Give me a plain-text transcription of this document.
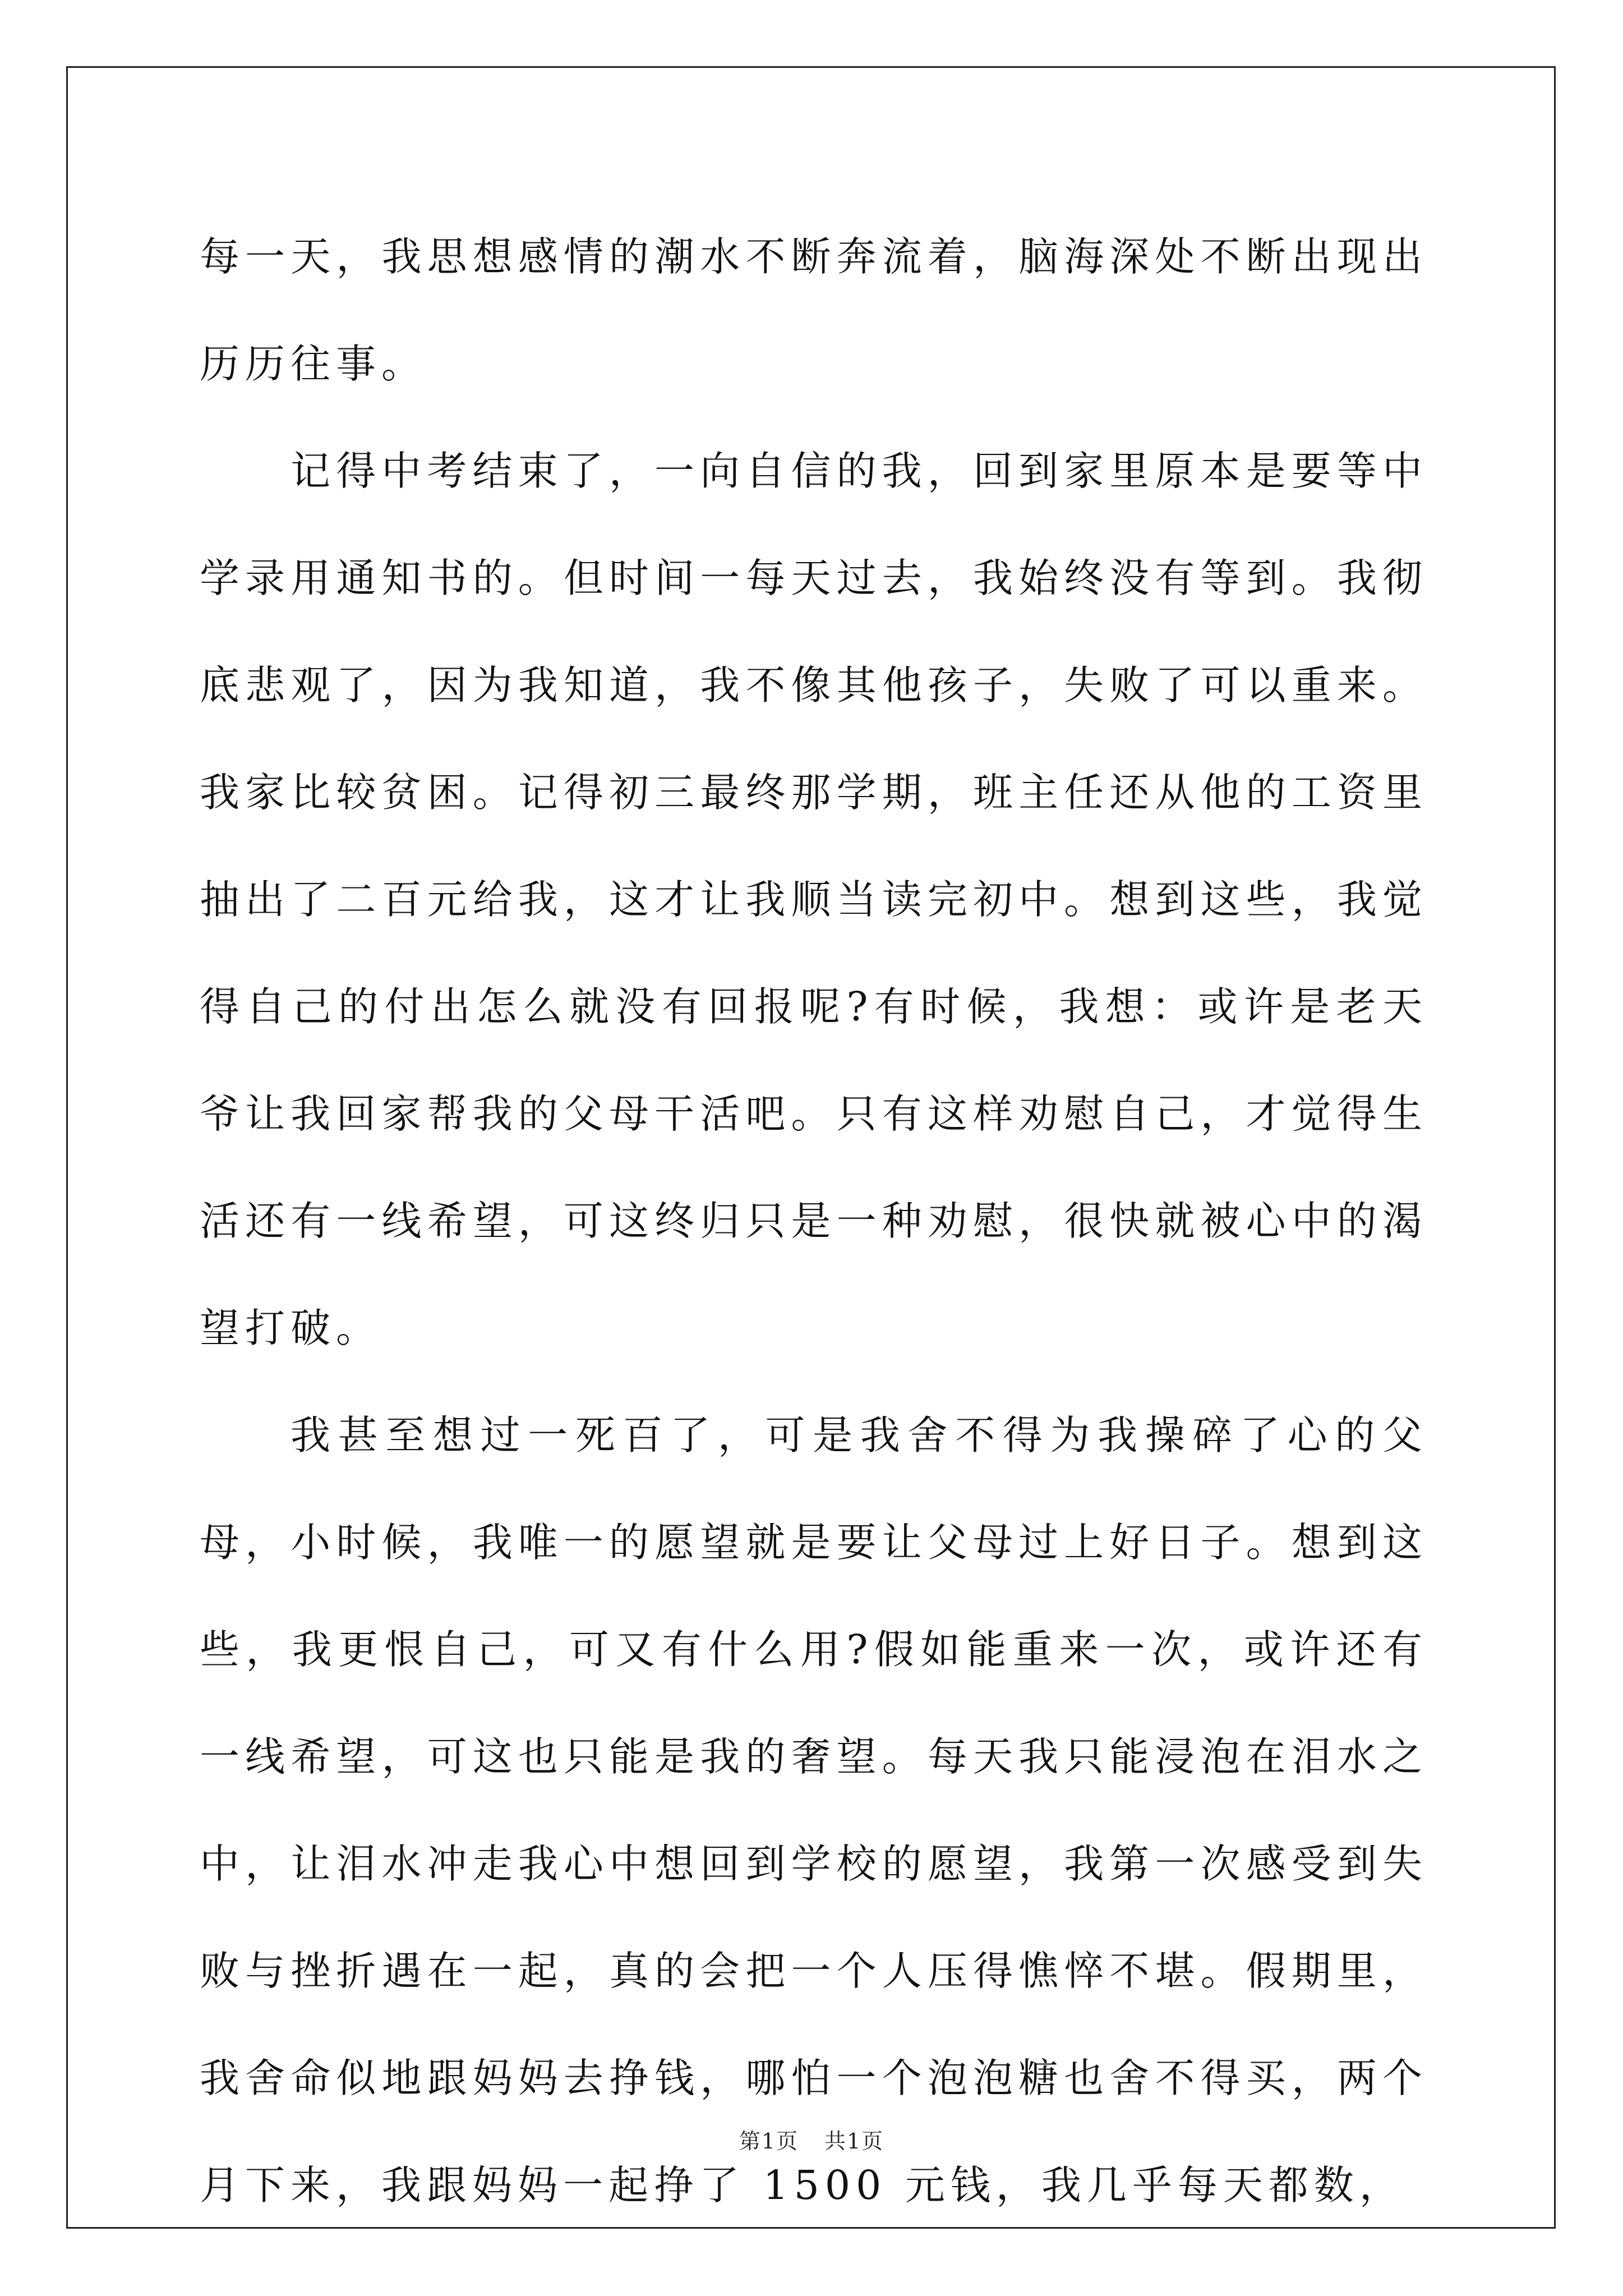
每一天，我思想感情的潮水不断奔流着，脑海深处不断出现出历历往事。

记得中考结束了，一向自信的我，回到家里原本是要等中学录用通知书的。但时间一每天过去，我始终没有等到。我彻底悲观了，因为我知道，我不像其他孩子，失败了可以重来。我家比较贫困。记得初三最终那学期，班主任还从他的工资里抽出了二百元给我，这才让我顺当读完初中。想到这些，我觉得自己的付出怎么就没有回报呢?有时候，我想：或许是老天爷让我回家帮我的父母干活吧。只有这样劝慰自己，才觉得生活还有一线希望，可这终归只是一种劝慰，很快就被心中的渴望打破。

我甚至想过一死百了，可是我舍不得为我操碎了心的父母，小时候，我唯一的愿望就是要让父母过上好日子。想到这些，我更恨自己，可又有什么用?假如能重来一次，或许还有一线希望，可这也只能是我的奢望。每天我只能浸泡在泪水之中，让泪水冲走我心中想回到学校的愿望，我第一次感受到失败与挫折遇在一起，真的会把一个人压得憔悴不堪。假期里，我舍命似地跟妈妈去挣钱，哪怕一个泡泡糖也舍不得买，两个月下来，我跟妈妈一起挣了 1500 元钱，我几乎每天都数，

第1页 共1页
